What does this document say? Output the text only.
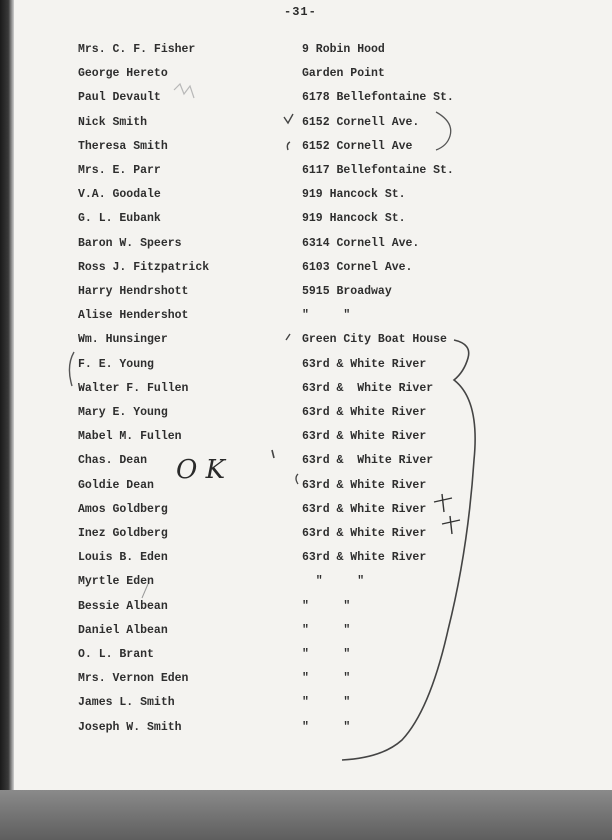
-31-
Mrs. C. F. Fisher	9 Robin Hood
George Hereto	Garden Point
Paul Devault	6178 Bellefontaine St.
Nick Smith	6152 Cornell Ave.
Theresa Smith	6152 Cornell Ave
Mrs. E. Parr	6117 Bellefontaine St.
V.A. Goodale	919 Hancock St.
G. L. Eubank	919 Hancock St.
Baron W. Speers	6314 Cornell Ave.
Ross J. Fitzpatrick	6103 Cornel Ave.
Harry Hendrshott	5915 Broadway
Alise Hendershot	"     "
Wm. Hunsinger	Green City Boat House
F. E. Young	63rd & White River
Walter F. Fullen	63rd &  White River
Mary E. Young	63rd & White River
Mabel M. Fullen	63rd & White River
Chas. Dean	63rd &  White River
Goldie Dean	63rd & White River
Amos Goldberg	63rd & White River
Inez Goldberg	63rd & White River
Louis B. Eden	63rd & White River
Myrtle Eden	"     "
Bessie Albean	"     "
Daniel Albean	"     "
O. L. Brant	"     "
Mrs. Vernon Eden	"     "
James L. Smith	"     "
Joseph W. Smith	"     "
O K
